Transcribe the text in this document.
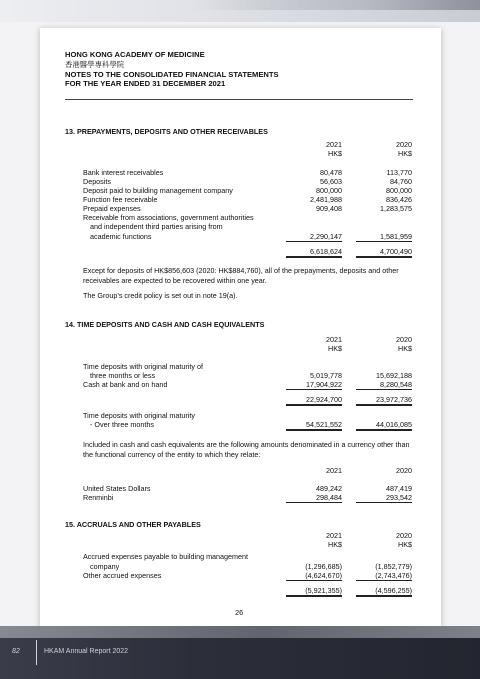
HONG KONG ACADEMY OF MEDICINE
香港醫學專科學院
NOTES TO THE CONSOLIDATED FINANCIAL STATEMENTS
FOR THE YEAR ENDED 31 DECEMBER 2021
13. PREPAYMENTS, DEPOSITS AND OTHER RECEIVABLES
2021	2020
HK$	HK$
Bank interest receivables	80,478	113,770
Deposits	56,603	84,760
Deposit paid to building management company	800,000	800,000
Function fee receivable	2,481,988	836,426
Prepaid expenses	909,408	1,283,575
Receivable from associations, government authorities
and independent third parties arising from
academic functions	2,290,147	1,581,959
6,618,624	4,700,490
Except for deposits of HK$856,603 (2020: HK$884,760), all of the prepayments, deposits and other receivables are expected to be recovered within one year.
The Group’s credit policy is set out in note 19(a).
14. TIME DEPOSITS AND CASH AND CASH EQUIVALENTS
2021	2020
HK$	HK$
Time deposits with original maturity of
three months or less	5,019,778	15,692,188
Cash at bank and on hand	17,904,922	8,280,548
22,924,700	23,972,736
Time deposits with original maturity
- Over three months	54,521,552	44,016,085
Included in cash and cash equivalents are the following amounts denominated in a currency other than the functional currency of the entity to which they relate:
2021	2020
United States Dollars	489,242	487,419
Renminbi	298,484	293,542
15. ACCRUALS AND OTHER PAYABLES
2021	2020
HK$	HK$
Accrued expenses payable to building management
company	(1,296,685)	(1,852,779)
Other accrued expenses	(4,624,670)	(2,743,476)
(5,921,355)	(4,596,255)
26
82	HKAM Annual Report 2022
